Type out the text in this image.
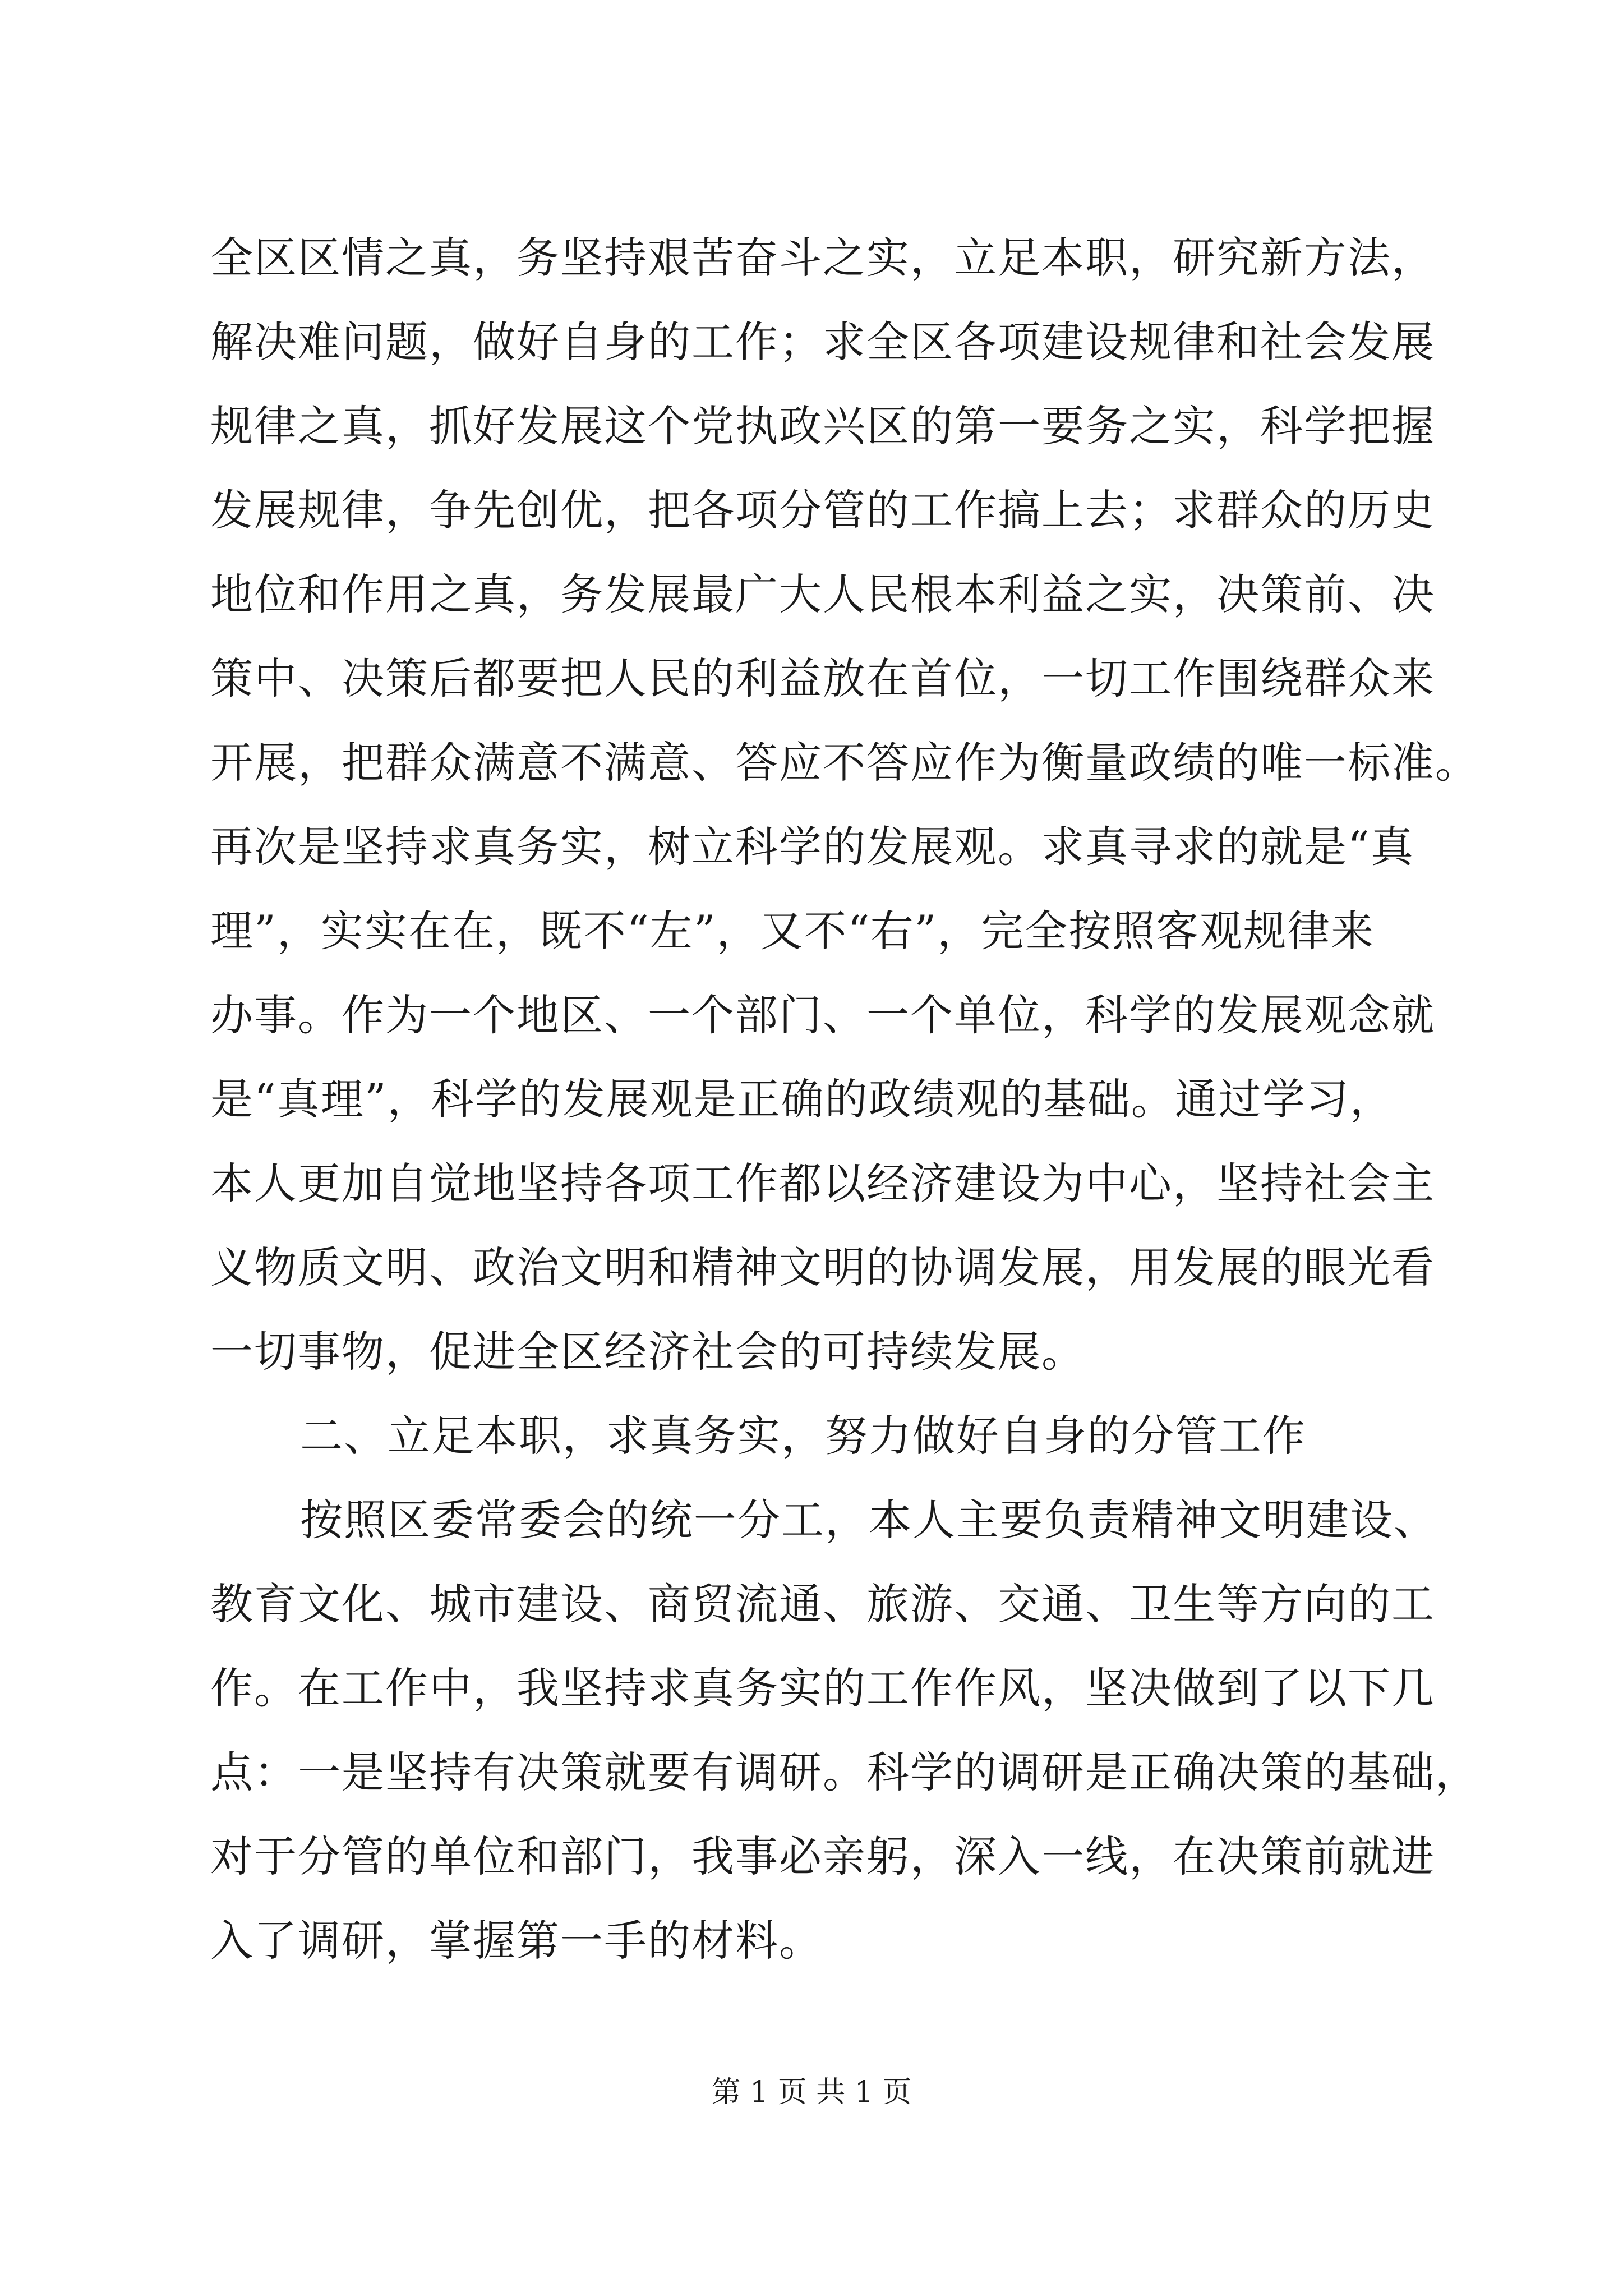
全区区情之真，务坚持艰苦奋斗之实，立足本职，研究新方法，
解决难问题，做好自身的工作；求全区各项建设规律和社会发展
规律之真，抓好发展这个党执政兴区的第一要务之实，科学把握
发展规律，争先创优，把各项分管的工作搞上去；求群众的历史
地位和作用之真，务发展最广大人民根本利益之实，决策前、决
策中、决策后都要把人民的利益放在首位，一切工作围绕群众来
开展，把群众满意不满意、答应不答应作为衡量政绩的唯一标准。
再次是坚持求真务实，树立科学的发展观。求真寻求的就是“真
理”，实实在在，既不“左”，又不“右”，完全按照客观规律来
办事。作为一个地区、一个部门、一个单位，科学的发展观念就
是“真理”，科学的发展观是正确的政绩观的基础。通过学习，
本人更加自觉地坚持各项工作都以经济建设为中心，坚持社会主
义物质文明、政治文明和精神文明的协调发展，用发展的眼光看
一切事物，促进全区经济社会的可持续发展。
二、立足本职，求真务实，努力做好自身的分管工作
按照区委常委会的统一分工，本人主要负责精神文明建设、
教育文化、城市建设、商贸流通、旅游、交通、卫生等方向的工
作。在工作中，我坚持求真务实的工作作风，坚决做到了以下几
点：一是坚持有决策就要有调研。科学的调研是正确决策的基础，
对于分管的单位和部门，我事必亲躬，深入一线，在决策前就进
入了调研，掌握第一手的材料。
第 1 页 共 1 页
